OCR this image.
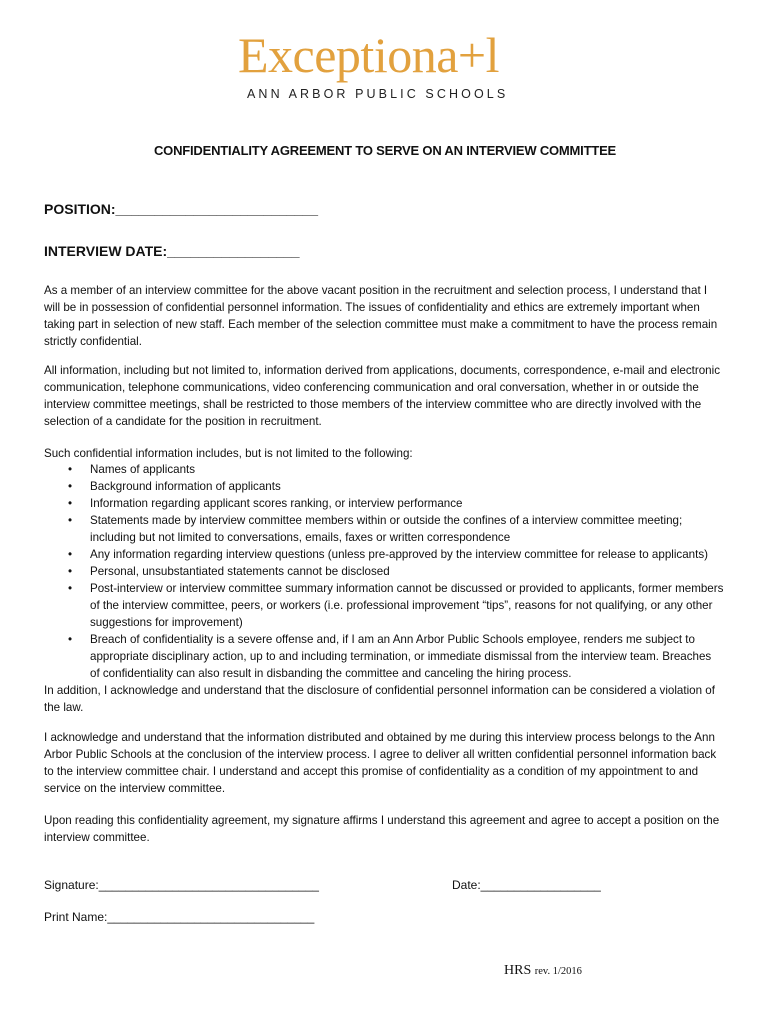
Exceptiona+l
ANN ARBOR PUBLIC SCHOOLS
CONFIDENTIALITY AGREEMENT TO SERVE ON AN INTERVIEW COMMITTEE
POSITION:__________________________
INTERVIEW DATE:_________________

As a member of an interview committee for the above vacant position in the recruitment and selection process, I understand that I will be in possession of confidential personnel information. The issues of confidentiality and ethics are extremely important when taking part in selection of new staff. Each member of the selection committee must make a commitment to have the process remain strictly confidential.

All information, including but not limited to, information derived from applications, documents, correspondence, e-mail and electronic communication, telephone communications, video conferencing communication and oral conversation, whether in or outside the interview committee meetings, shall be restricted to those members of the interview committee who are directly involved with the selection of a candidate for the position in recruitment.

Such confidential information includes, but is not limited to the following:

• Names of applicants
• Background information of applicants
• Information regarding applicant scores ranking, or interview performance
• Statements made by interview committee members within or outside the confines of a interview committee meeting; including but not limited to conversations, emails, faxes or written correspondence
• Any information regarding interview questions (unless pre-approved by the interview committee for release to applicants)
• Personal, unsubstantiated statements cannot be disclosed
• Post-interview or interview committee summary information cannot be discussed or provided to applicants, former members of the interview committee, peers, or workers (i.e. professional improvement “tips”, reasons for not qualifying, or any other suggestions for improvement)
• Breach of confidentiality is a severe offense and, if I am an Ann Arbor Public Schools employee, renders me subject to appropriate disciplinary action, up to and including termination, or immediate dismissal from the interview team. Breaches of confidentiality can also result in disbanding the committee and canceling the hiring process.

In addition, I acknowledge and understand that the disclosure of confidential personnel information can be considered a violation of the law.

I acknowledge and understand that the information distributed and obtained by me during this interview process belongs to the Ann Arbor Public Schools at the conclusion of the interview process. I agree to deliver all written confidential personnel information back to the interview committee chair. I understand and accept this promise of confidentiality as a condition of my appointment to and service on the interview committee.

Upon reading this confidentiality agreement, my signature affirms I understand this agreement and agree to accept a position on the interview committee.

Signature:_________________________________	Date:__________________
Print Name:_______________________________
HRS rev. 1/2016
